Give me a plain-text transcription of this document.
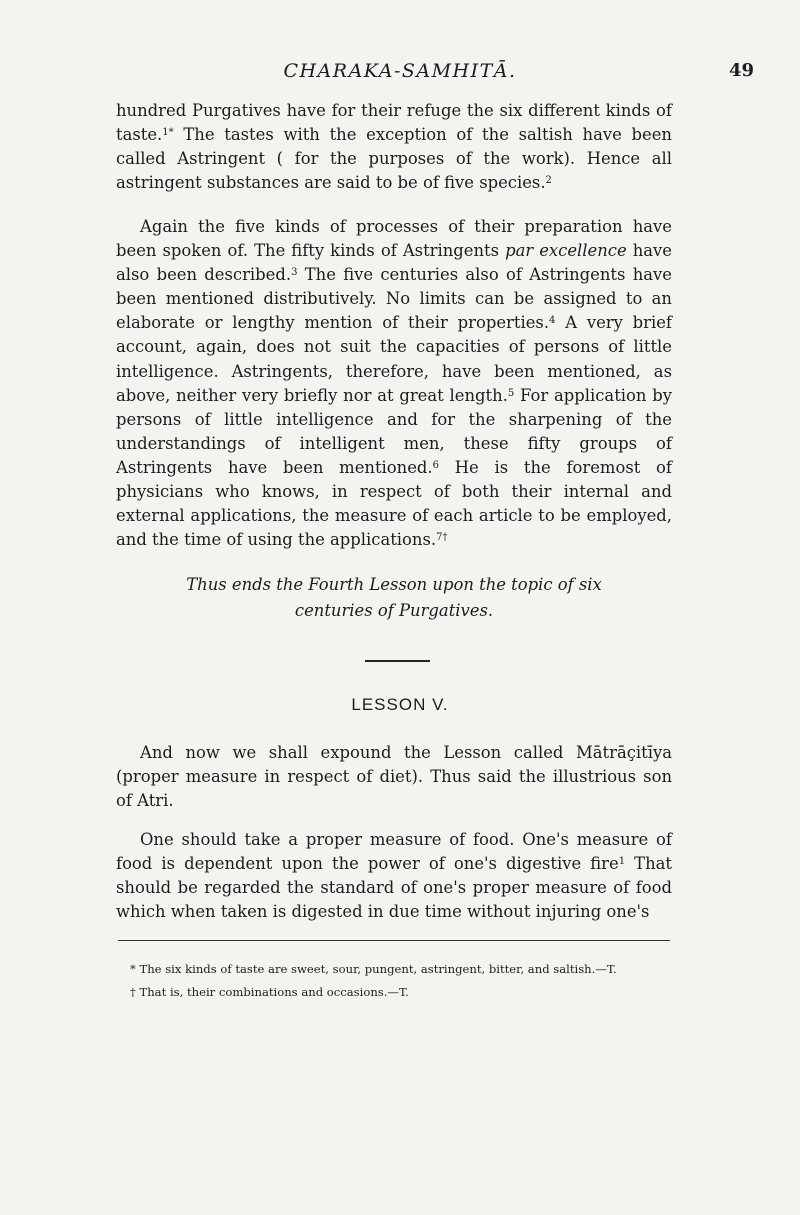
CHARAKA-SAMHITĀ.	49

hundred Purgatives have for their refuge the six different kinds of taste.$^{1*}$ The tastes with the exception of the saltish have been called Astringent ( for the purposes of the work). Hence all astringent substances are said to be of five species.$^2$

Again the five kinds of processes of their preparation have been spoken of. The fifty kinds of Astringents par excellence have also been described.$^3$ The five centuries also of Astringents have been mentioned distributively. No limits can be assigned to an elaborate or lengthy mention of their properties.$^4$ A very brief account, again, does not suit the capacities of persons of little intelligence. Astringents, therefore, have been mentioned, as above, neither very briefly nor at great length.$^5$ For application by persons of little intelligence and for the sharpening of the understandings of intelligent men, these fifty groups of Astringents have been mentioned.$^6$ He is the foremost of physicians who knows, in respect of both their internal and external applications, the measure of each article to be employed, and the time of using the applications.$^{7\dagger}$

Thus ends the Fourth Lesson upon the topic of six
centuries of Purgatives.
LESSON V.

And now we shall expound the Lesson called Mātrāçitīya (proper measure in respect of diet). Thus said the illustrious son of Atri.

One should take a proper measure of food. One's measure of food is dependent upon the power of one's digestive fire$^1$ That should be regarded the standard of one's proper measure of food which when taken is digested in due time without injuring one's

* The six kinds of taste are sweet, sour, pungent, astringent, bitter, and saltish.—T.

† That is, their combinations and occasions.—T.
